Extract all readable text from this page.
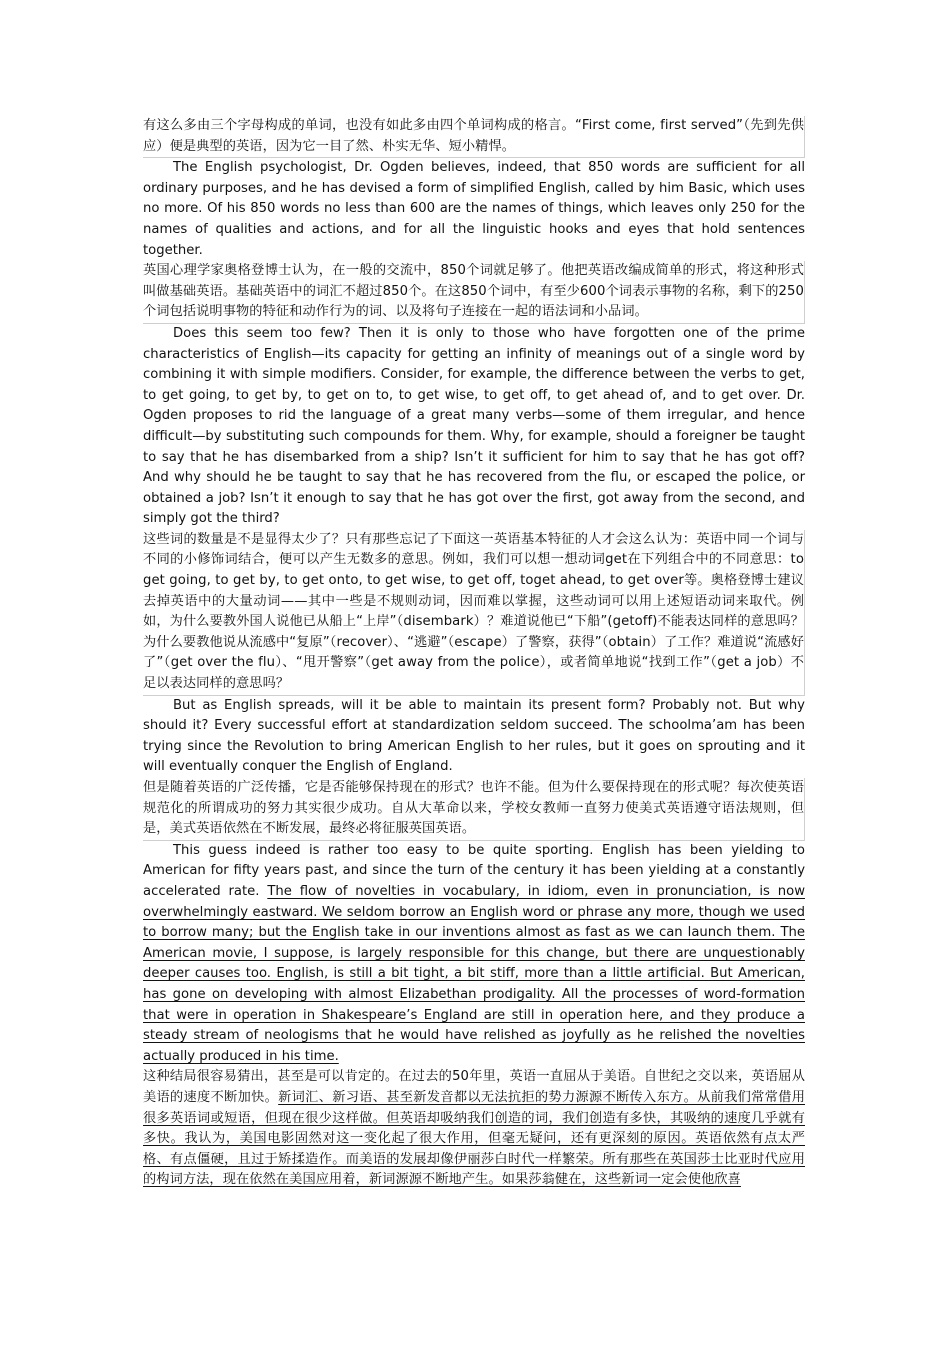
有这么多由三个字母构成的单词，也没有如此多由四个单词构成的格言。“First come, first served”（先到先供应）便是典型的英语，因为它一目了然、朴实无华、短小精悍。

The English psychologist, Dr. Ogden believes, indeed, that 850 words are sufficient for all ordinary purposes, and he has devised a form of simplified English, called by him Basic, which uses no more. Of his 850 words no less than 600 are the names of things, which leaves only 250 for the names of qualities and actions, and for all the linguistic hooks and eyes that hold sentences together.

英国心理学家奥格登博士认为，在一般的交流中，850个词就足够了。他把英语改编成简单的形式，将这种形式叫做基础英语。基础英语中的词汇不超过850个。在这850个词中，有至少600个词表示事物的名称，剩下的250个词包括说明事物的特征和动作行为的词、以及将句子连接在一起的语法词和小品词。

Does this seem too few? Then it is only to those who have forgotten one of the prime characteristics of English—its capacity for getting an infinity of meanings out of a single word by combining it with simple modifiers. Consider, for example, the difference between the verbs to get, to get going, to get by, to get on to, to get wise, to get off, to get ahead of, and to get over. Dr. Ogden proposes to rid the language of a great many verbs—some of them irregular, and hence difficult—by substituting such compounds for them. Why, for example, should a foreigner be taught to say that he has disembarked from a ship? Isn’t it sufficient for him to say that he has got off? And why should he be taught to say that he has recovered from the flu, or escaped the police, or obtained a job? Isn’t it enough to say that he has got over the first, got away from the second, and simply got the third?

这些词的数量是不是显得太少了？只有那些忘记了下面这一英语基本特征的人才会这么认为：英语中同一个词与不同的小修饰词结合，便可以产生无数多的意思。例如，我们可以想一想动词get在下列组合中的不同意思：to get going, to get by, to get onto, to get wise, to get off, toget ahead, to get over等。奥格登博士建议去掉英语中的大量动词——其中一些是不规则动词，因而难以掌握，这些动词可以用上述短语动词来取代。例如，为什么要教外国人说他已从船上“上岸”（disembark）？难道说他已“下船”(getoff)不能表达同样的意思吗？为什么要教他说从流感中“复原”（recover）、“逃避”（escape）了警察，获得”（obtain）了工作？难道说“流感好了”（get over the flu）、“甩开警察”（get away from the police），或者简单地说“找到工作”（get a job）不足以表达同样的意思吗？

But as English spreads, will it be able to maintain its present form? Probably not. But why should it? Every successful effort at standardization seldom succeed. The schoolma’am has been trying since the Revolution to bring American English to her rules, but it goes on sprouting and it will eventually conquer the English of England.

但是随着英语的广泛传播，它是否能够保持现在的形式？也许不能。但为什么要保持现在的形式呢？每次使英语规范化的所谓成功的努力其实很少成功。自从大革命以来，学校女教师一直努力使美式英语遵守语法规则，但是，美式英语依然在不断发展，最终必将征服英国英语。

This guess indeed is rather too easy to be quite sporting. English has been yielding to American for fifty years past, and since the turn of the century it has been yielding at a constantly accelerated rate. The flow of novelties in vocabulary, in idiom, even in pronunciation, is now overwhelmingly eastward. We seldom borrow an English word or phrase any more, though we used to borrow many; but the English take in our inventions almost as fast as we can launch them. The American movie, I suppose, is largely responsible for this change, but there are unquestionably deeper causes too. English, is still a bit tight, a bit stiff, more than a little artificial. But American, has gone on developing with almost Elizabethan prodigality. All the processes of word-formation that were in operation in Shakespeare’s England are still in operation here, and they produce a steady stream of neologisms that he would have relished as joyfully as he relished the novelties actually produced in his time.

这种结局很容易猜出，甚至是可以肯定的。在过去的50年里，英语一直屈从于美语。自世纪之交以来，英语屈从美语的速度不断加快。新词汇、新习语、甚至新发音都以无法抗拒的势力源源不断传入东方。从前我们常常借用很多英语词或短语，但现在很少这样做。但英语却吸纳我们创造的词，我们创造有多快，其吸纳的速度几乎就有多快。我认为，美国电影固然对这一变化起了很大作用，但毫无疑问，还有更深刻的原因。英语依然有点太严格、有点僵硬，且过于矫揉造作。而美语的发展却像伊丽莎白时代一样繁荣。所有那些在英国莎士比亚时代应用的构词方法，现在依然在美国应用着，新词源源不断地产生。如果莎翁健在，这些新词一定会使他欣喜
